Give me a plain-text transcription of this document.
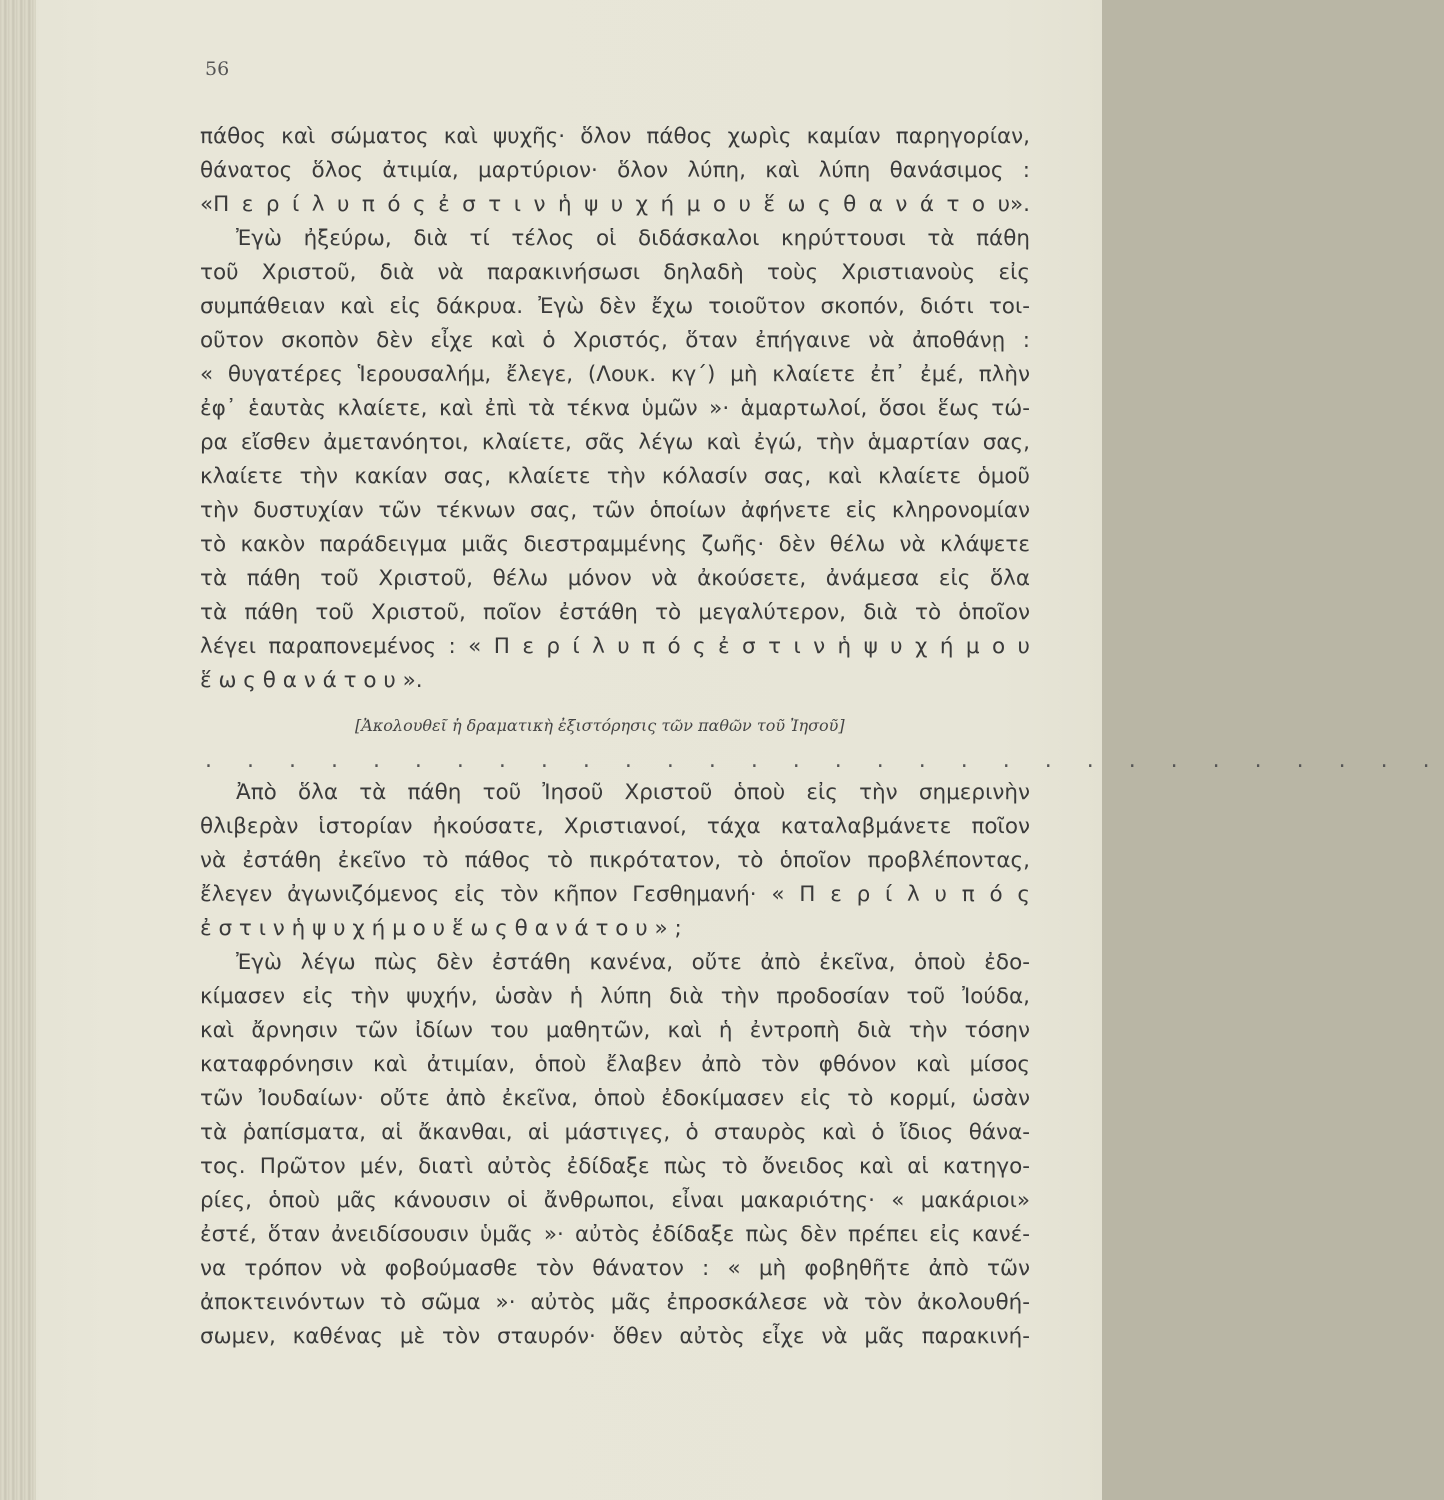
56
πάθος καὶ σώματος καὶ ψυχῆς· ὅλον πάθος χωρὶς καμίαν παρηγορίαν,
θάνατος ὅλος ἀτιμία, μαρτύριον· ὅλον λύπη, καὶ λύπη θανάσιμος :
«Π ε ρ ί λ υ π ό ς ἐ σ τ ι ν ἡ ψ υ χ ή μ ο υ ἕ ω ς θ α ν ά τ ο υ».
Ἐγὼ ἠξεύρω, διὰ τί τέλος οἱ διδάσκαλοι κηρύττουσι τὰ πάθη
τοῦ Χριστοῦ, διὰ νὰ παρακινήσωσι δηλαδὴ τοὺς Χριστιανοὺς εἰς
συμπάθειαν καὶ εἰς δάκρυα. Ἐγὼ δὲν ἔχω τοιοῦτον σκοπόν, διότι τοι-
οῦτον σκοπὸν δὲν εἶχε καὶ ὁ Χριστός, ὅταν ἐπήγαινε νὰ ἀποθάνῃ :
« θυγατέρες Ἱερουσαλήμ, ἔλεγε, (Λουκ. κγ΄) μὴ κλαίετε ἐπ᾽ ἐμέ, πλὴν
ἐφ᾽ ἑαυτὰς κλαίετε, καὶ ἐπὶ τὰ τέκνα ὑμῶν »· ἁμαρτωλοί, ὅσοι ἕως τώ-
ρα εἴσθεν ἀμετανόητοι, κλαίετε, σᾶς λέγω καὶ ἐγώ, τὴν ἁμαρτίαν σας,
κλαίετε τὴν κακίαν σας, κλαίετε τὴν κόλασίν σας, καὶ κλαίετε ὁμοῦ
τὴν δυστυχίαν τῶν τέκνων σας, τῶν ὁποίων ἀφήνετε εἰς κληρονομίαν
τὸ κακὸν παράδειγμα μιᾶς διεστραμμένης ζωῆς· δὲν θέλω νὰ κλάψετε
τὰ πάθη τοῦ Χριστοῦ, θέλω μόνον νὰ ἀκούσετε, ἀνάμεσα εἰς ὅλα
τὰ πάθη τοῦ Χριστοῦ, ποῖον ἐστάθη τὸ μεγαλύτερον, διὰ τὸ ὁποῖον
λέγει παραπονεμένος : « Π ε ρ ί λ υ π ό ς ἐ σ τ ι ν ἡ ψ υ χ ή μ ο υ
ἕ ω ς θ α ν ά τ ο υ ».
[Ἀκολουθεῖ ἡ δραματικὴ ἐξιστόρησις τῶν παθῶν τοῦ Ἰησοῦ]
. . . . . . . . . . . . . . . . . . . . . . . . . . . . . .
Ἀπὸ ὅλα τὰ πάθη τοῦ Ἰησοῦ Χριστοῦ ὁποὺ εἰς τὴν σημερινὴν
θλιβερὰν ἱστορίαν ἠκούσατε, Χριστιανοί, τάχα καταλαβμάνετε ποῖον
νὰ ἐστάθη ἐκεῖνο τὸ πάθος τὸ πικρότατον, τὸ ὁποῖον προβλέποντας,
ἔλεγεν ἀγωνιζόμενος εἰς τὸν κῆπον Γεσθημανή· « Π ε ρ ί λ υ π ό ς
ἐ σ τ ι ν ἡ ψ υ χ ή μ ο υ ἕ ω ς θ α ν ά τ ο υ » ;
Ἐγὼ λέγω πὼς δὲν ἐστάθη κανένα, οὔτε ἀπὸ ἐκεῖνα, ὁποὺ ἐδο-
κίμασεν εἰς τὴν ψυχήν, ὡσὰν ἡ λύπη διὰ τὴν προδοσίαν τοῦ Ἰούδα,
καὶ ἄρνησιν τῶν ἰδίων του μαθητῶν, καὶ ἡ ἐντροπὴ διὰ τὴν τόσην
καταφρόνησιν καὶ ἀτιμίαν, ὁποὺ ἔλαβεν ἀπὸ τὸν φθόνον καὶ μίσος
τῶν Ἰουδαίων· οὔτε ἀπὸ ἐκεῖνα, ὁποὺ ἐδοκίμασεν εἰς τὸ κορμί, ὡσὰν
τὰ ῥαπίσματα, αἱ ἄκανθαι, αἱ μάστιγες, ὁ σταυρὸς καὶ ὁ ἴδιος θάνα-
τος. Πρῶτον μέν, διατὶ αὐτὸς ἐδίδαξε πὼς τὸ ὄνειδος καὶ αἱ κατηγο-
ρίες, ὁποὺ μᾶς κάνουσιν οἱ ἄνθρωποι, εἶναι μακαριότης· « μακάριοι»
ἐστέ, ὅταν ἀνειδίσουσιν ὑμᾶς »· αὐτὸς ἐδίδαξε πὼς δὲν πρέπει εἰς κανέ-
να τρόπον νὰ φοβούμασθε τὸν θάνατον : « μὴ φοβηθῆτε ἀπὸ τῶν
ἀποκτεινόντων τὸ σῶμα »· αὐτὸς μᾶς ἐπροσκάλεσε νὰ τὸν ἀκολουθή-
σωμεν, καθένας μὲ τὸν σταυρόν· ὅθεν αὐτὸς εἶχε νὰ μᾶς παρακινή-
